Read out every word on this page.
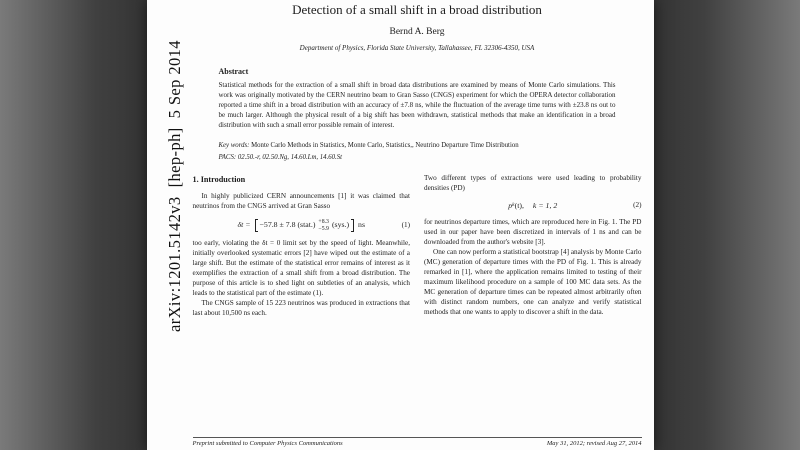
arXiv:1201.5142v3  [hep-ph]  5 Sep 2014
Detection of a small shift in a broad distribution
Bernd A. Berg
Department of Physics, Florida State University, Tallahassee, FL 32306-4350, USA
Abstract

Statistical methods for the extraction of a small shift in broad data distributions are examined by means of Monte Carlo simulations. This work was originally motivated by the CERN neutrino beam to Gran Sasso (CNGS) experiment for which the OPERA detector collaboration reported a time shift in a broad distribution with an accuracy of ±7.8 ns, while the fluctuation of the average time turns with ±23.8 ns out to be much larger. Although the physical result of a big shift has been withdrawn, statistical methods that make an identification in a broad distribution with such a small error possible remain of interest.

Key words: Monte Carlo Methods in Statistics, Monte Carlo, Statistics,, Neutrino Departure Time Distribution

PACS: 02.50.-r, 02.50.Ng, 14.60.Lm, 14.60.St

1. Introduction

In highly publicized CERN announcements [1] it was claimed that neutrinos from the CNGS arrived at Gran Sasso

δt = −57.8 ± 7.8 (stat.) +8.3
−5.9 (sys.) ns	(1)

too early, violating the δt = 0 limit set by the speed of light. Meanwhile, initially overlooked systematic errors [2] have wiped out the estimate of a large shift. But the estimate of the statistical error remains of interest as it exemplifies the extraction of a small shift from a broad distribution. The purpose of this article is to shed light on subtleties of an analysis, which leads to the statistical part of the estimate (1).

The CNGS sample of 15 223 neutrinos was produced in extractions that last about 10,500 ns each.

Two different types of extractions were used leading to probability densities (PD)

p k (t), k = 1, 2	(2)

for neutrinos departure times, which are reproduced here in Fig. 1. The PD used in our paper have been discretized in intervals of 1 ns and can be downloaded from the author's website [3].

One can now perform a statistical bootstrap [4] analysis by Monte Carlo (MC) generation of departure times with the PD of Fig. 1. This is already remarked in [1], where the application remains limited to testing of their maximum likelihood procedure on a sample of 100 MC data sets. As the MC generation of departure times can be repeated almost arbitrarily often with distinct random numbers, one can analyze and verify statistical methods that one wants to apply to discover a shift in the data.

Preprint submitted to Computer Physics Communications	May 31, 2012; revised Aug 27, 2014
